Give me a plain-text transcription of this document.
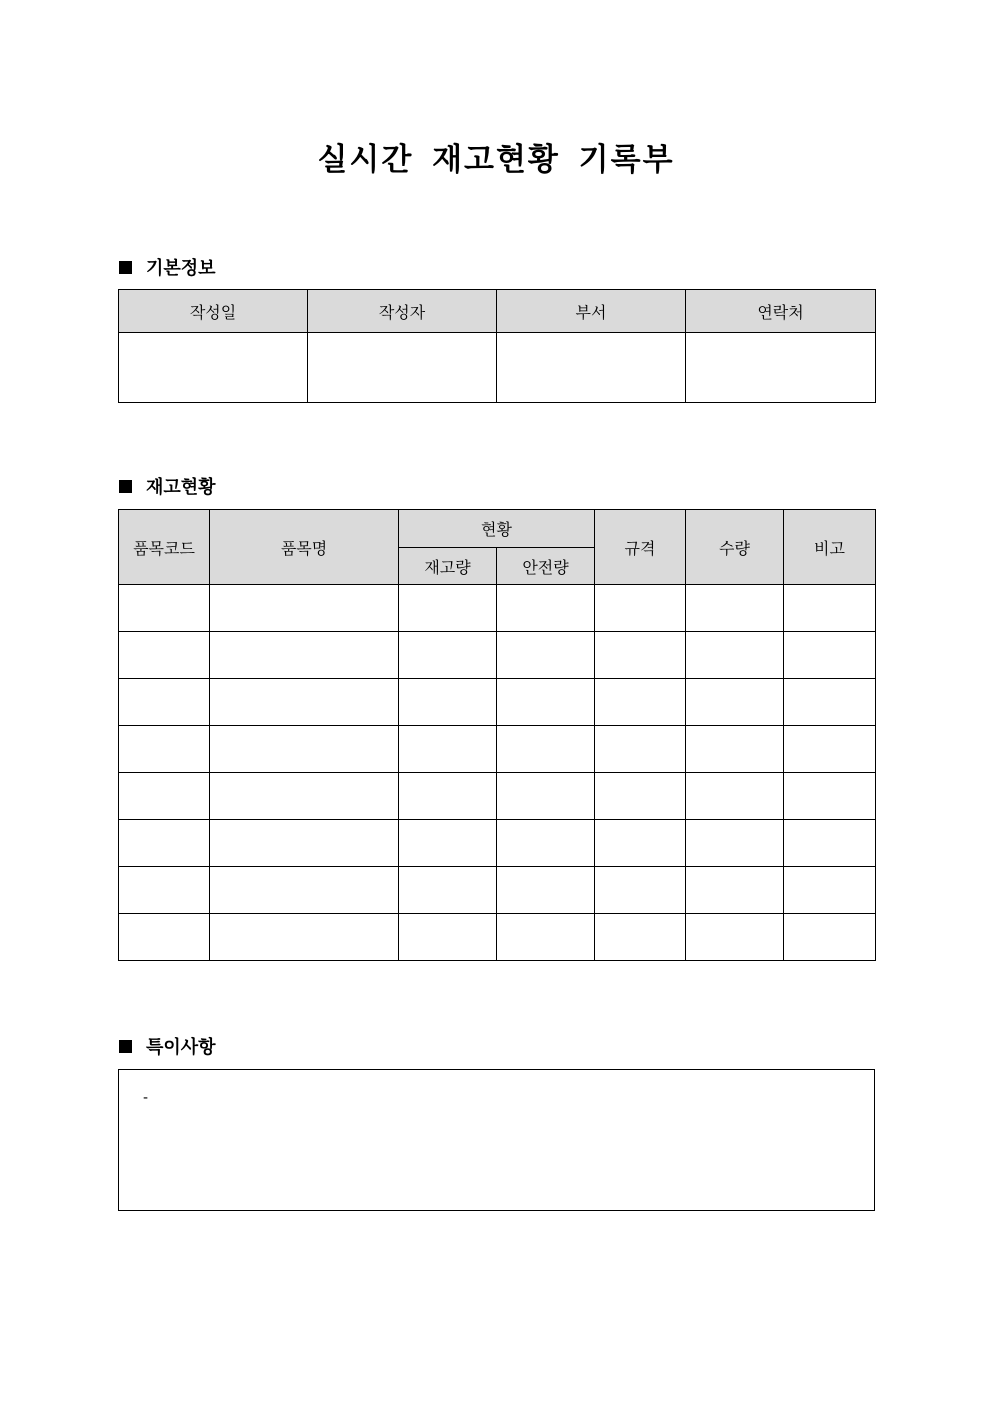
실시간 재고현황 기록부
기본정보
작성일	작성자	부서	연락처

재고현황
품목코드	품목명	현황		규격	수량	비고
		재고량	안전량			

특이사항
-
